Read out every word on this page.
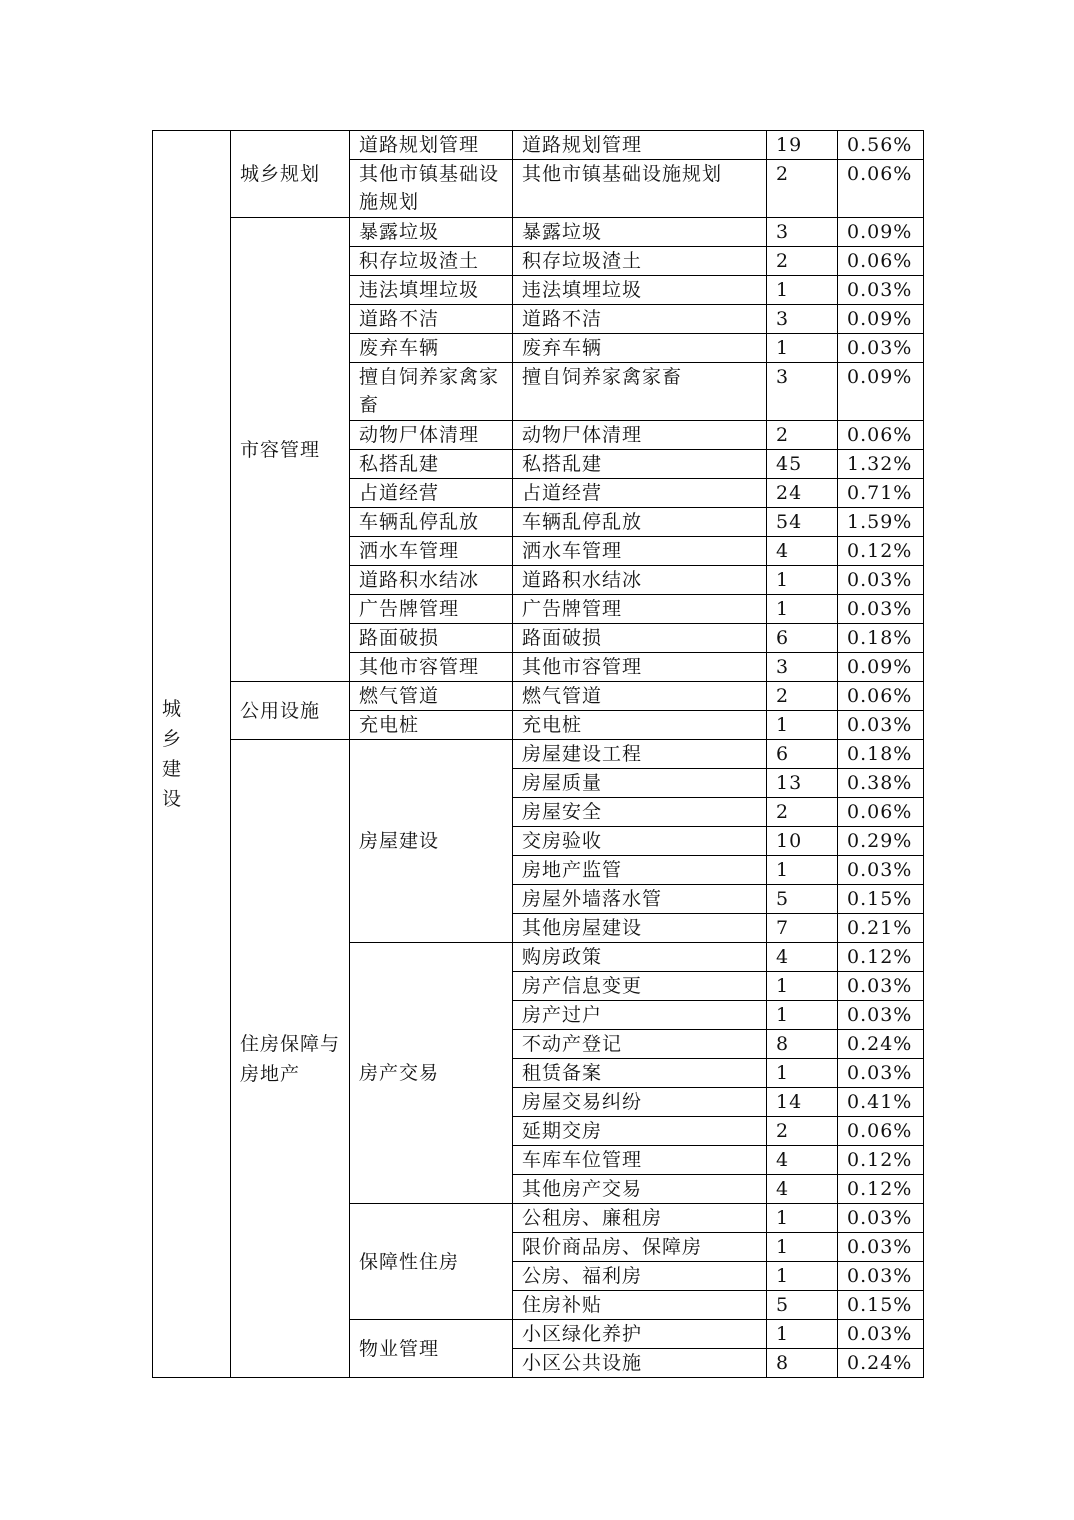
城 乡 建设	城乡规划	道路规划管理	道路规划管理	19	0.56%
		其他市镇基础设施规划	其他市镇基础设施规划	2	0.06%
	市容管理	暴露垃圾	暴露垃圾	3	0.09%
		积存垃圾渣土	积存垃圾渣土	2	0.06%
		违法填埋垃圾	违法填埋垃圾	1	0.03%
		道路不洁	道路不洁	3	0.09%
		废弃车辆	废弃车辆	1	0.03%
		擅自饲养家禽家畜	擅自饲养家禽家畜	3	0.09%
		动物尸体清理	动物尸体清理	2	0.06%
		私搭乱建	私搭乱建	45	1.32%
		占道经营	占道经营	24	0.71%
		车辆乱停乱放	车辆乱停乱放	54	1.59%
		洒水车管理	洒水车管理	4	0.12%
		道路积水结冰	道路积水结冰	1	0.03%
		广告牌管理	广告牌管理	1	0.03%
		路面破损	路面破损	6	0.18%
		其他市容管理	其他市容管理	3	0.09%
	公用设施	燃气管道	燃气管道	2	0.06%
		充电桩	充电桩	1	0.03%
	住房保障与房地产	房屋建设	房屋建设工程	6	0.18%
			房屋质量	13	0.38%
			房屋安全	2	0.06%
			交房验收	10	0.29%
			房地产监管	1	0.03%
			房屋外墙落水管	5	0.15%
			其他房屋建设	7	0.21%
		房产交易	购房政策	4	0.12%
			房产信息变更	1	0.03%
			房产过户	1	0.03%
			不动产登记	8	0.24%
			租赁备案	1	0.03%
			房屋交易纠纷	14	0.41%
			延期交房	2	0.06%
			车库车位管理	4	0.12%
			其他房产交易	4	0.12%
		保障性住房	公租房、廉租房	1	0.03%
			限价商品房、保障房	1	0.03%
			公房、福利房	1	0.03%
			住房补贴	5	0.15%
		物业管理	小区绿化养护	1	0.03%
			小区公共设施	8	0.24%
